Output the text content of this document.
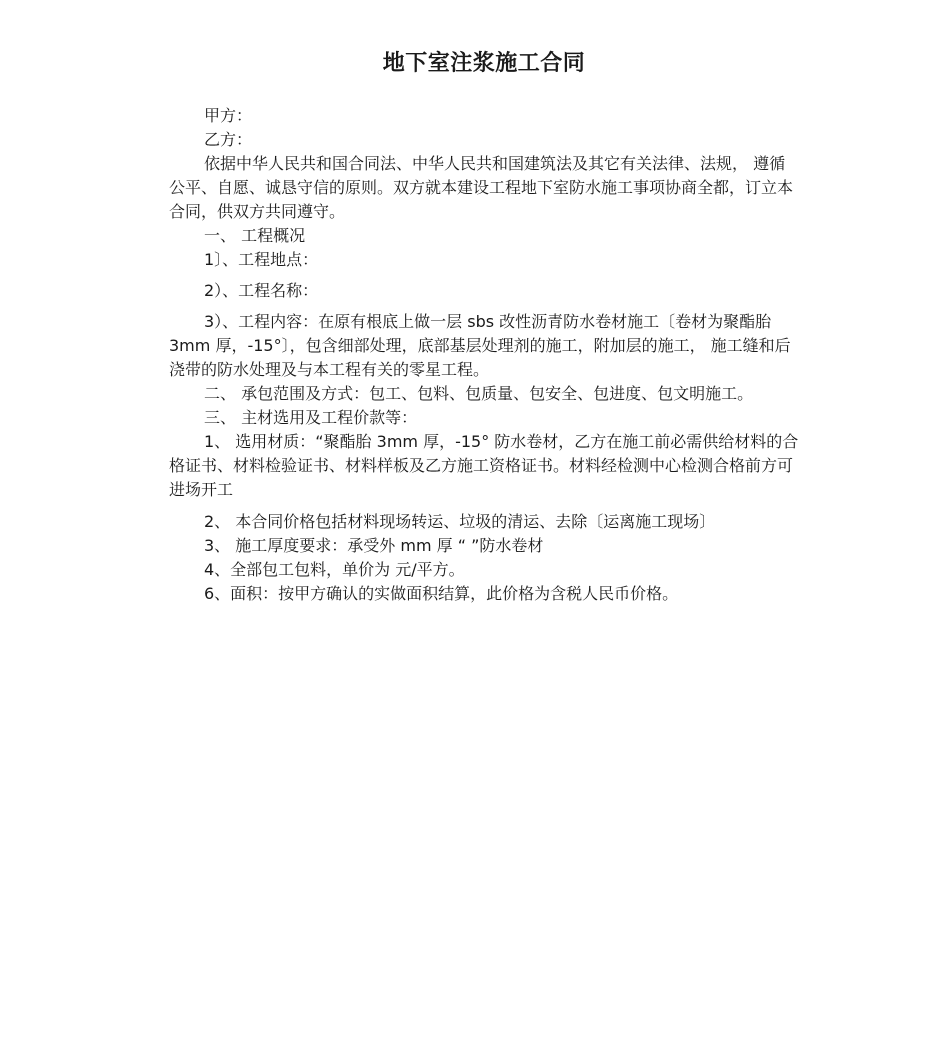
地下室注浆施工合同

甲方：

乙方：

依据中华人民共和国合同法、中华人民共和国建筑法及其它有关法律、法规， 遵循公平、自愿、诚恳守信的原则。双方就本建设工程地下室防水施工事项协商全都，订立本合同，供双方共同遵守。

一、 工程概况

1〕、工程地点：

2）、工程名称：

3）、工程内容：在原有根底上做一层 sbs 改性沥青防水卷材施工〔卷材为聚酯胎 3mm 厚，-15°〕，包含细部处理，底部基层处理剂的施工，附加层的施工， 施工缝和后浇带的防水处理及与本工程有关的零星工程。

二、 承包范围及方式：包工、包料、包质量、包安全、包进度、包文明施工。

三、 主材选用及工程价款等：

1、 选用材质：“聚酯胎 3mm 厚，-15° 防水卷材，乙方在施工前必需供给材料的合格证书、材料检验证书、材料样板及乙方施工资格证书。材料经检测中心检测合格前方可进场开工

2、 本合同价格包括材料现场转运、垃圾的清运、去除〔运离施工现场〕

3、 施工厚度要求：承受外 mm 厚 “ ”防水卷材

4、全部包工包料，单价为 元/平方。

6、面积：按甲方确认的实做面积结算，此价格为含税人民币价格。
